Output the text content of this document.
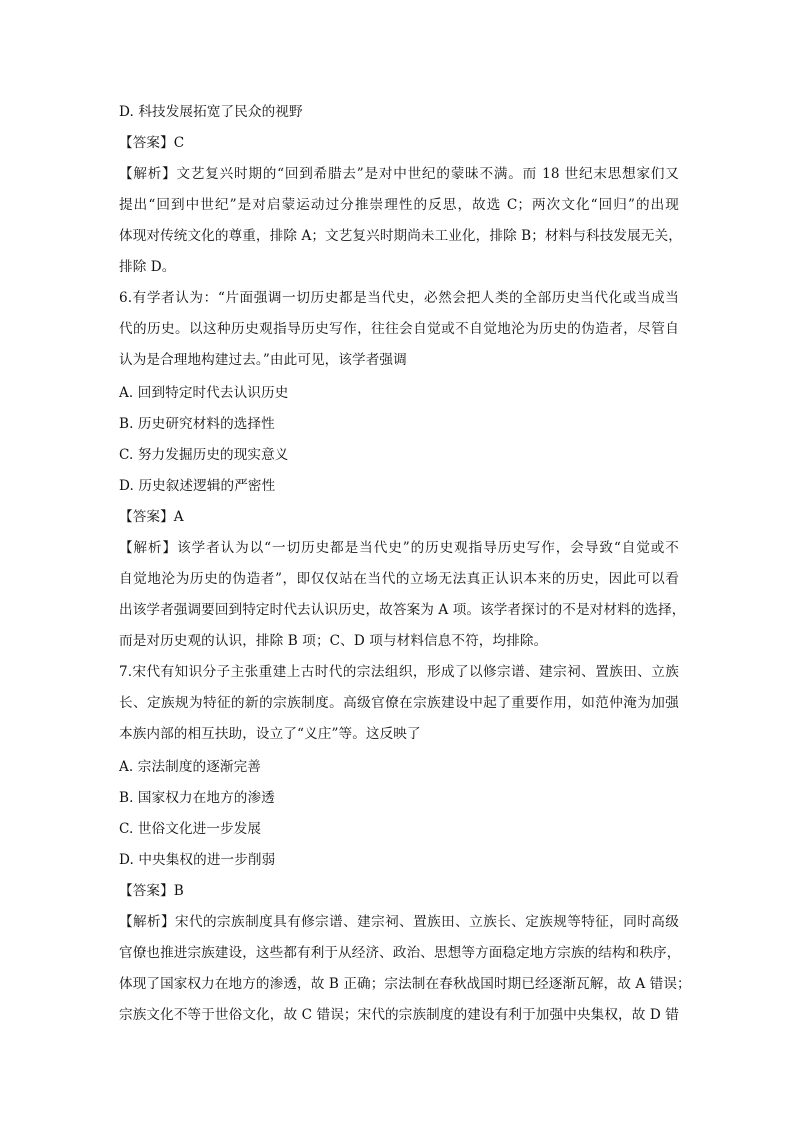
D. 科技发展拓宽了民众的视野
【答案】C
【解析】文艺复兴时期的“回到希腊去”是对中世纪的蒙昧不满。而 18 世纪末思想家们又
提出“回到中世纪”是对启蒙运动过分推崇理性的反思，故选 C；两次文化“回归”的出现
体现对传统文化的尊重，排除 A；文艺复兴时期尚未工业化，排除 B；材料与科技发展无关，
排除 D。
6.有学者认为：“片面强调一切历史都是当代史，必然会把人类的全部历史当代化或当成当
代的历史。以这种历史观指导历史写作，往往会自觉或不自觉地沦为历史的伪造者，尽管自
认为是合理地构建过去。”由此可见，该学者强调
A. 回到特定时代去认识历史
B. 历史研究材料的选择性
C. 努力发掘历史的现实意义
D. 历史叙述逻辑的严密性
【答案】A
【解析】该学者认为以“一切历史都是当代史”的历史观指导历史写作，会导致“自觉或不
自觉地沦为历史的伪造者”，即仅仅站在当代的立场无法真正认识本来的历史，因此可以看
出该学者强调要回到特定时代去认识历史，故答案为 A 项。该学者探讨的不是对材料的选择，
而是对历史观的认识，排除 B 项；C、D 项与材料信息不符，均排除。
7.宋代有知识分子主张重建上古时代的宗法组织，形成了以修宗谱、建宗祠、置族田、立族
长、定族规为特征的新的宗族制度。高级官僚在宗族建设中起了重要作用，如范仲淹为加强
本族内部的相互扶助，设立了“义庄”等。这反映了
A. 宗法制度的逐渐完善
B. 国家权力在地方的渗透
C. 世俗文化进一步发展
D. 中央集权的进一步削弱
【答案】B
【解析】宋代的宗族制度具有修宗谱、建宗祠、置族田、立族长、定族规等特征，同时高级
官僚也推进宗族建设，这些都有利于从经济、政治、思想等方面稳定地方宗族的结构和秩序，
体现了国家权力在地方的渗透，故 B 正确；宗法制在春秋战国时期已经逐渐瓦解，故 A 错误；
宗族文化不等于世俗文化，故 C 错误；宋代的宗族制度的建设有利于加强中央集权，故 D 错
